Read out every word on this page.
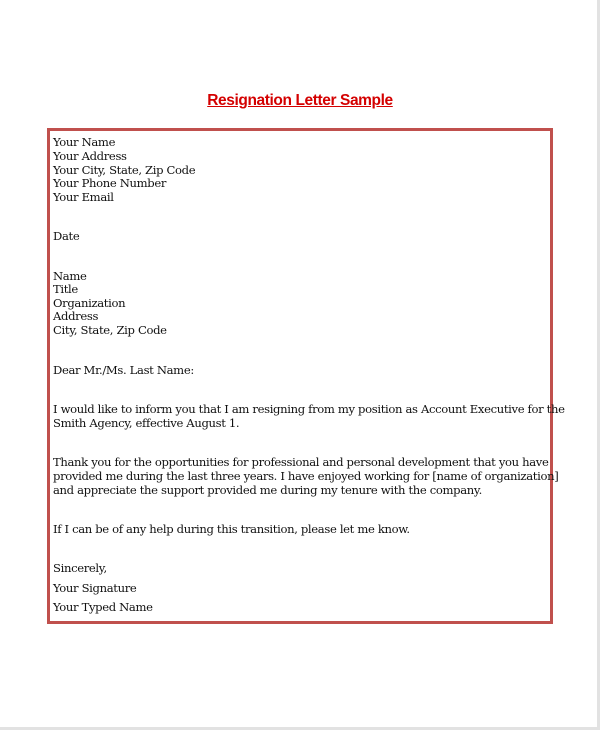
Resignation Letter Sample
Your Name
Your Address
Your City, State, Zip Code
Your Phone Number
Your Email
Date
Name
Title
Organization
Address
City, State, Zip Code
Dear Mr./Ms. Last Name:
I would like to inform you that I am resigning from my position as Account Executive for the
Smith Agency, effective August 1.
Thank you for the opportunities for professional and personal development that you have
provided me during the last three years. I have enjoyed working for [name of organization]
and appreciate the support provided me during my tenure with the company.
If I can be of any help during this transition, please let me know.
Sincerely,
Your Signature
Your Typed Name
